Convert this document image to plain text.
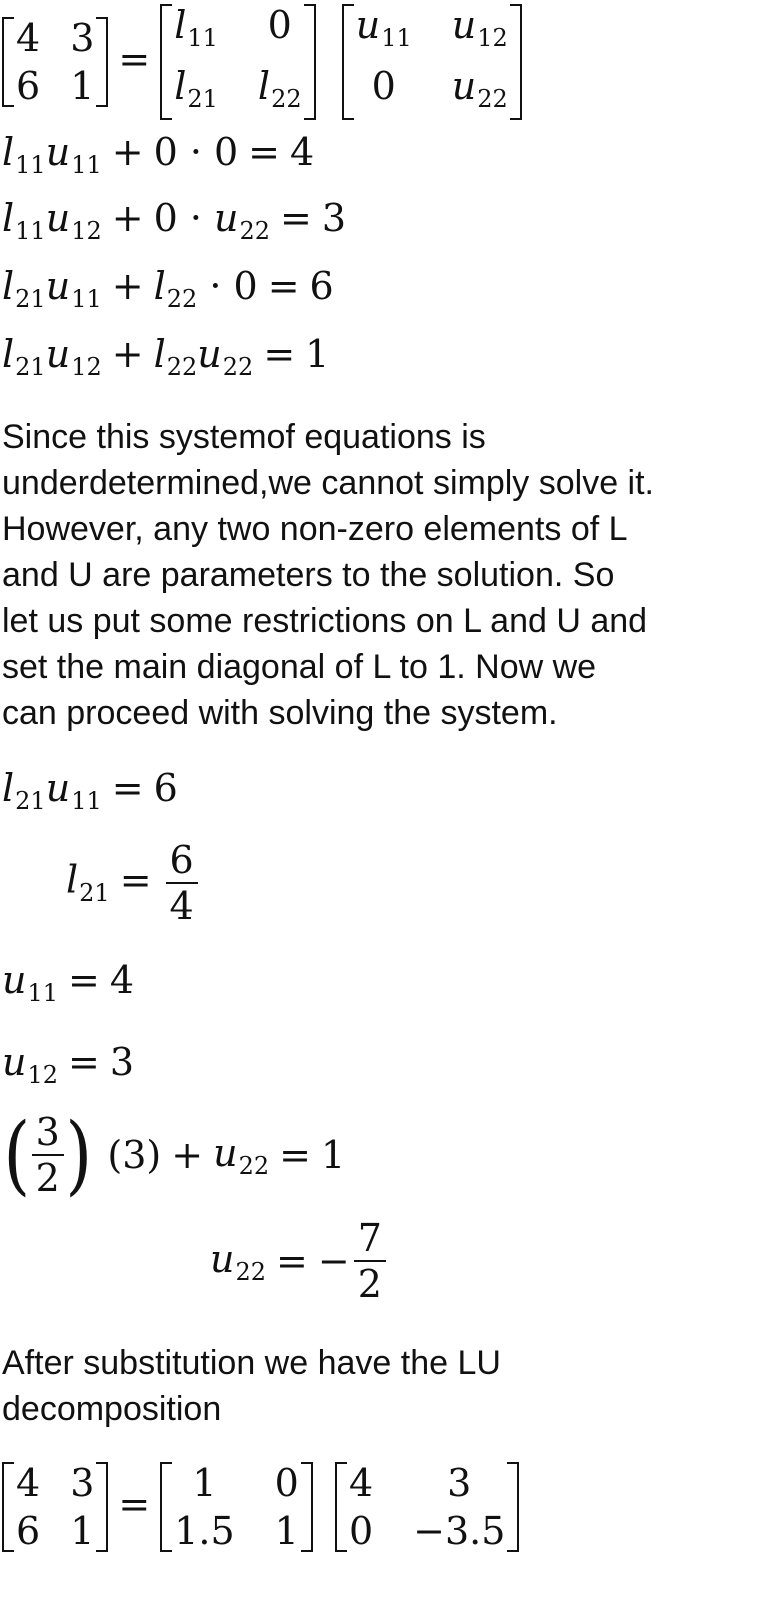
4 3
6 1
=
$l_{11}$ 0
$l_{21}$ $l_{22}$

$u_{11}$ $u_{12}$
0	$u_{22}$
$l_{11}u_{11} + 0 \cdot 0 = 4$
$l_{11}u_{12} + 0 \cdot u_{22} = 3$
$l_{21}u_{11} + l_{22} \cdot 0 = 6$
$l_{21}u_{12} + l_{22}u_{22} = 1$
Since this systemof equations is
underdetermined,we cannot simply solve it.
However, any two non-zero elements of L
and U are parameters to the solution. So
let us put some restrictions on L and U and
set the main diagonal of L to 1. Now we
can proceed with solving the system.
$l_{21}u_{11} = 6$
$l_{21} = \frac{6}{4}$
$u_{11} = 4$
$u_{12} = 3$
( $\frac{3}{2}$ ) $(3) + u_{22} = 1$
$u_{22}$ = − $\frac{7}{2}$
After substitution we have the LU
decomposition
4 3
6 1
=	1	0
1.5 1

4	3
0 −3.5
